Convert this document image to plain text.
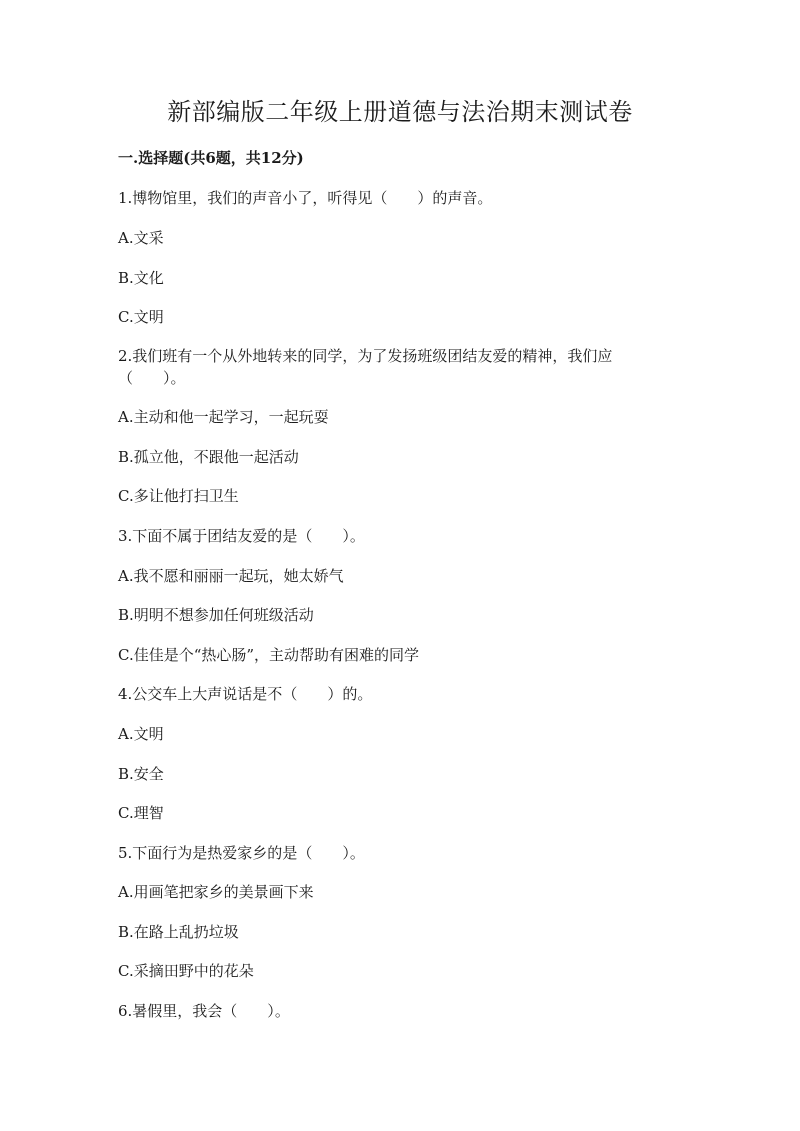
新部编版二年级上册道德与法治期末测试卷
一.选择题(共6题，共12分)

1.博物馆里，我们的声音小了，听得见（　　）的声音。

A.文采

B.文化

C.文明

2.我们班有一个从外地转来的同学，为了发扬班级团结友爱的精神，我们应

（　　）。

A.主动和他一起学习，一起玩耍

B.孤立他，不跟他一起活动

C.多让他打扫卫生

3.下面不属于团结友爱的是（　　）。

A.我不愿和丽丽一起玩，她太娇气

B.明明不想参加任何班级活动

C.佳佳是个“热心肠”，主动帮助有困难的同学

4.公交车上大声说话是不（　　）的。

A.文明

B.安全

C.理智

5.下面行为是热爱家乡的是（　　）。

A.用画笔把家乡的美景画下来

B.在路上乱扔垃圾

C.采摘田野中的花朵

6.暑假里，我会（　　）。
